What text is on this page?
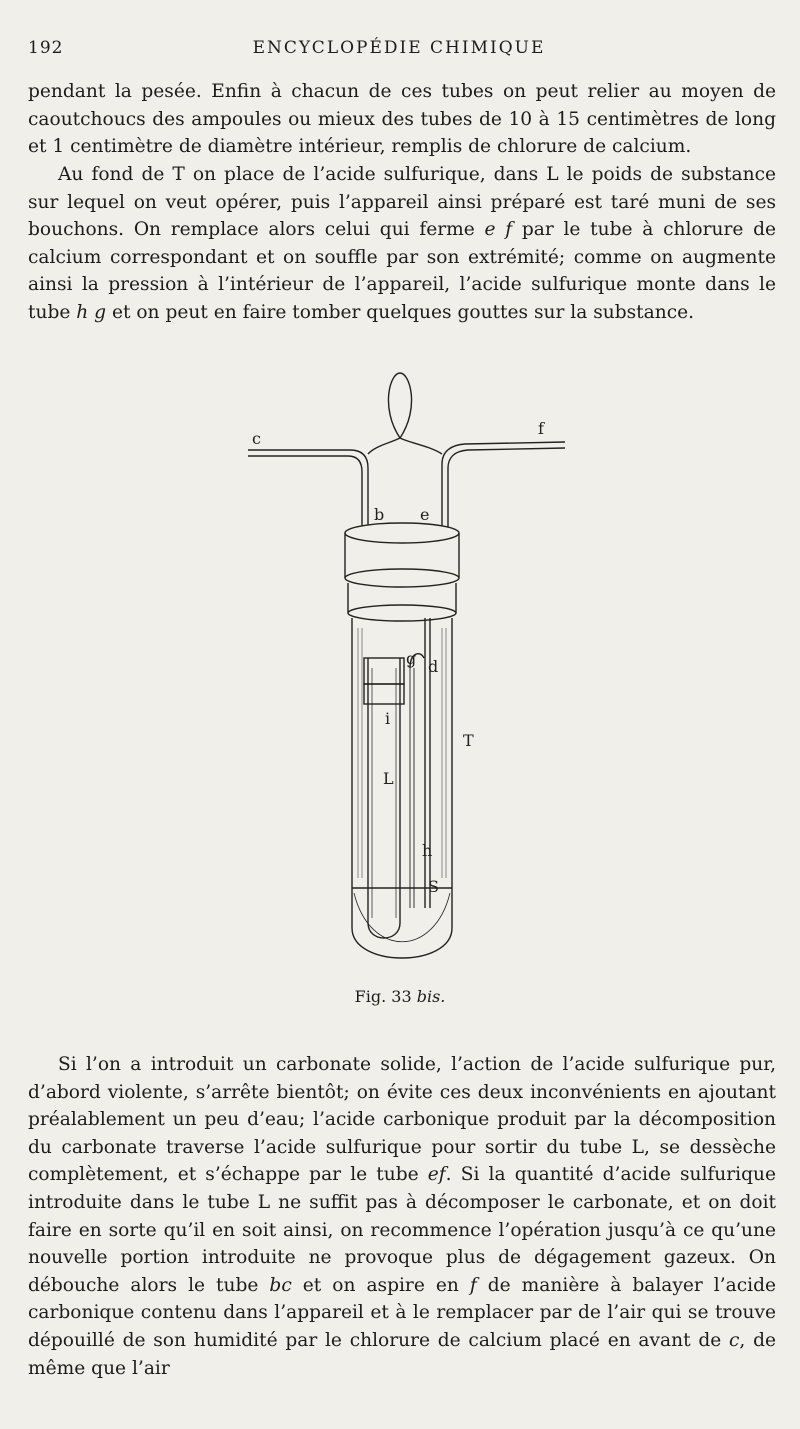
192	ENCYCLOPÉDIE CHIMIQUE

pendant la pesée. Enfin à chacun de ces tubes on peut relier au moyen de caoutchoucs des ampoules ou mieux des tubes de 10 à 15 centimètres de long et 1 centimètre de diamètre intérieur, remplis de chlorure de calcium.

Au fond de T on place de l’acide sulfurique, dans L le poids de substance sur lequel on veut opérer, puis l’appareil ainsi préparé est taré muni de ses bouchons. On remplace alors celui qui ferme e f par le tube à chlorure de calcium correspondant et on souffle par son extrémité; comme on augmente ainsi la pression à l’intérieur de l’appareil, l’acide sulfurique monte dans le tube h g et on peut en faire tomber quelques gouttes sur la substance.

c
f
b e
g d
i
T
L
h
S
Fig. 33 bis.

Si l’on a introduit un carbonate solide, l’action de l’acide sulfurique pur, d’abord violente, s’arrête bientôt; on évite ces deux inconvénients en ajoutant préalablement un peu d’eau; l’acide carbonique produit par la décomposition du carbonate traverse l’acide sulfurique pour sortir du tube L, se dessèche complètement, et s’échappe par le tube ef. Si la quantité d’acide sulfurique introduite dans le tube L ne suffit pas à décomposer le carbonate, et on doit faire en sorte qu’il en soit ainsi, on recommence l’opération jusqu’à ce qu’une nouvelle portion introduite ne provoque plus de dégagement gazeux. On débouche alors le tube bc et on aspire en f de manière à balayer l’acide carbonique contenu dans l’appareil et à le remplacer par de l’air qui se trouve dépouillé de son humidité par le chlorure de calcium placé en avant de c, de même que l’air
